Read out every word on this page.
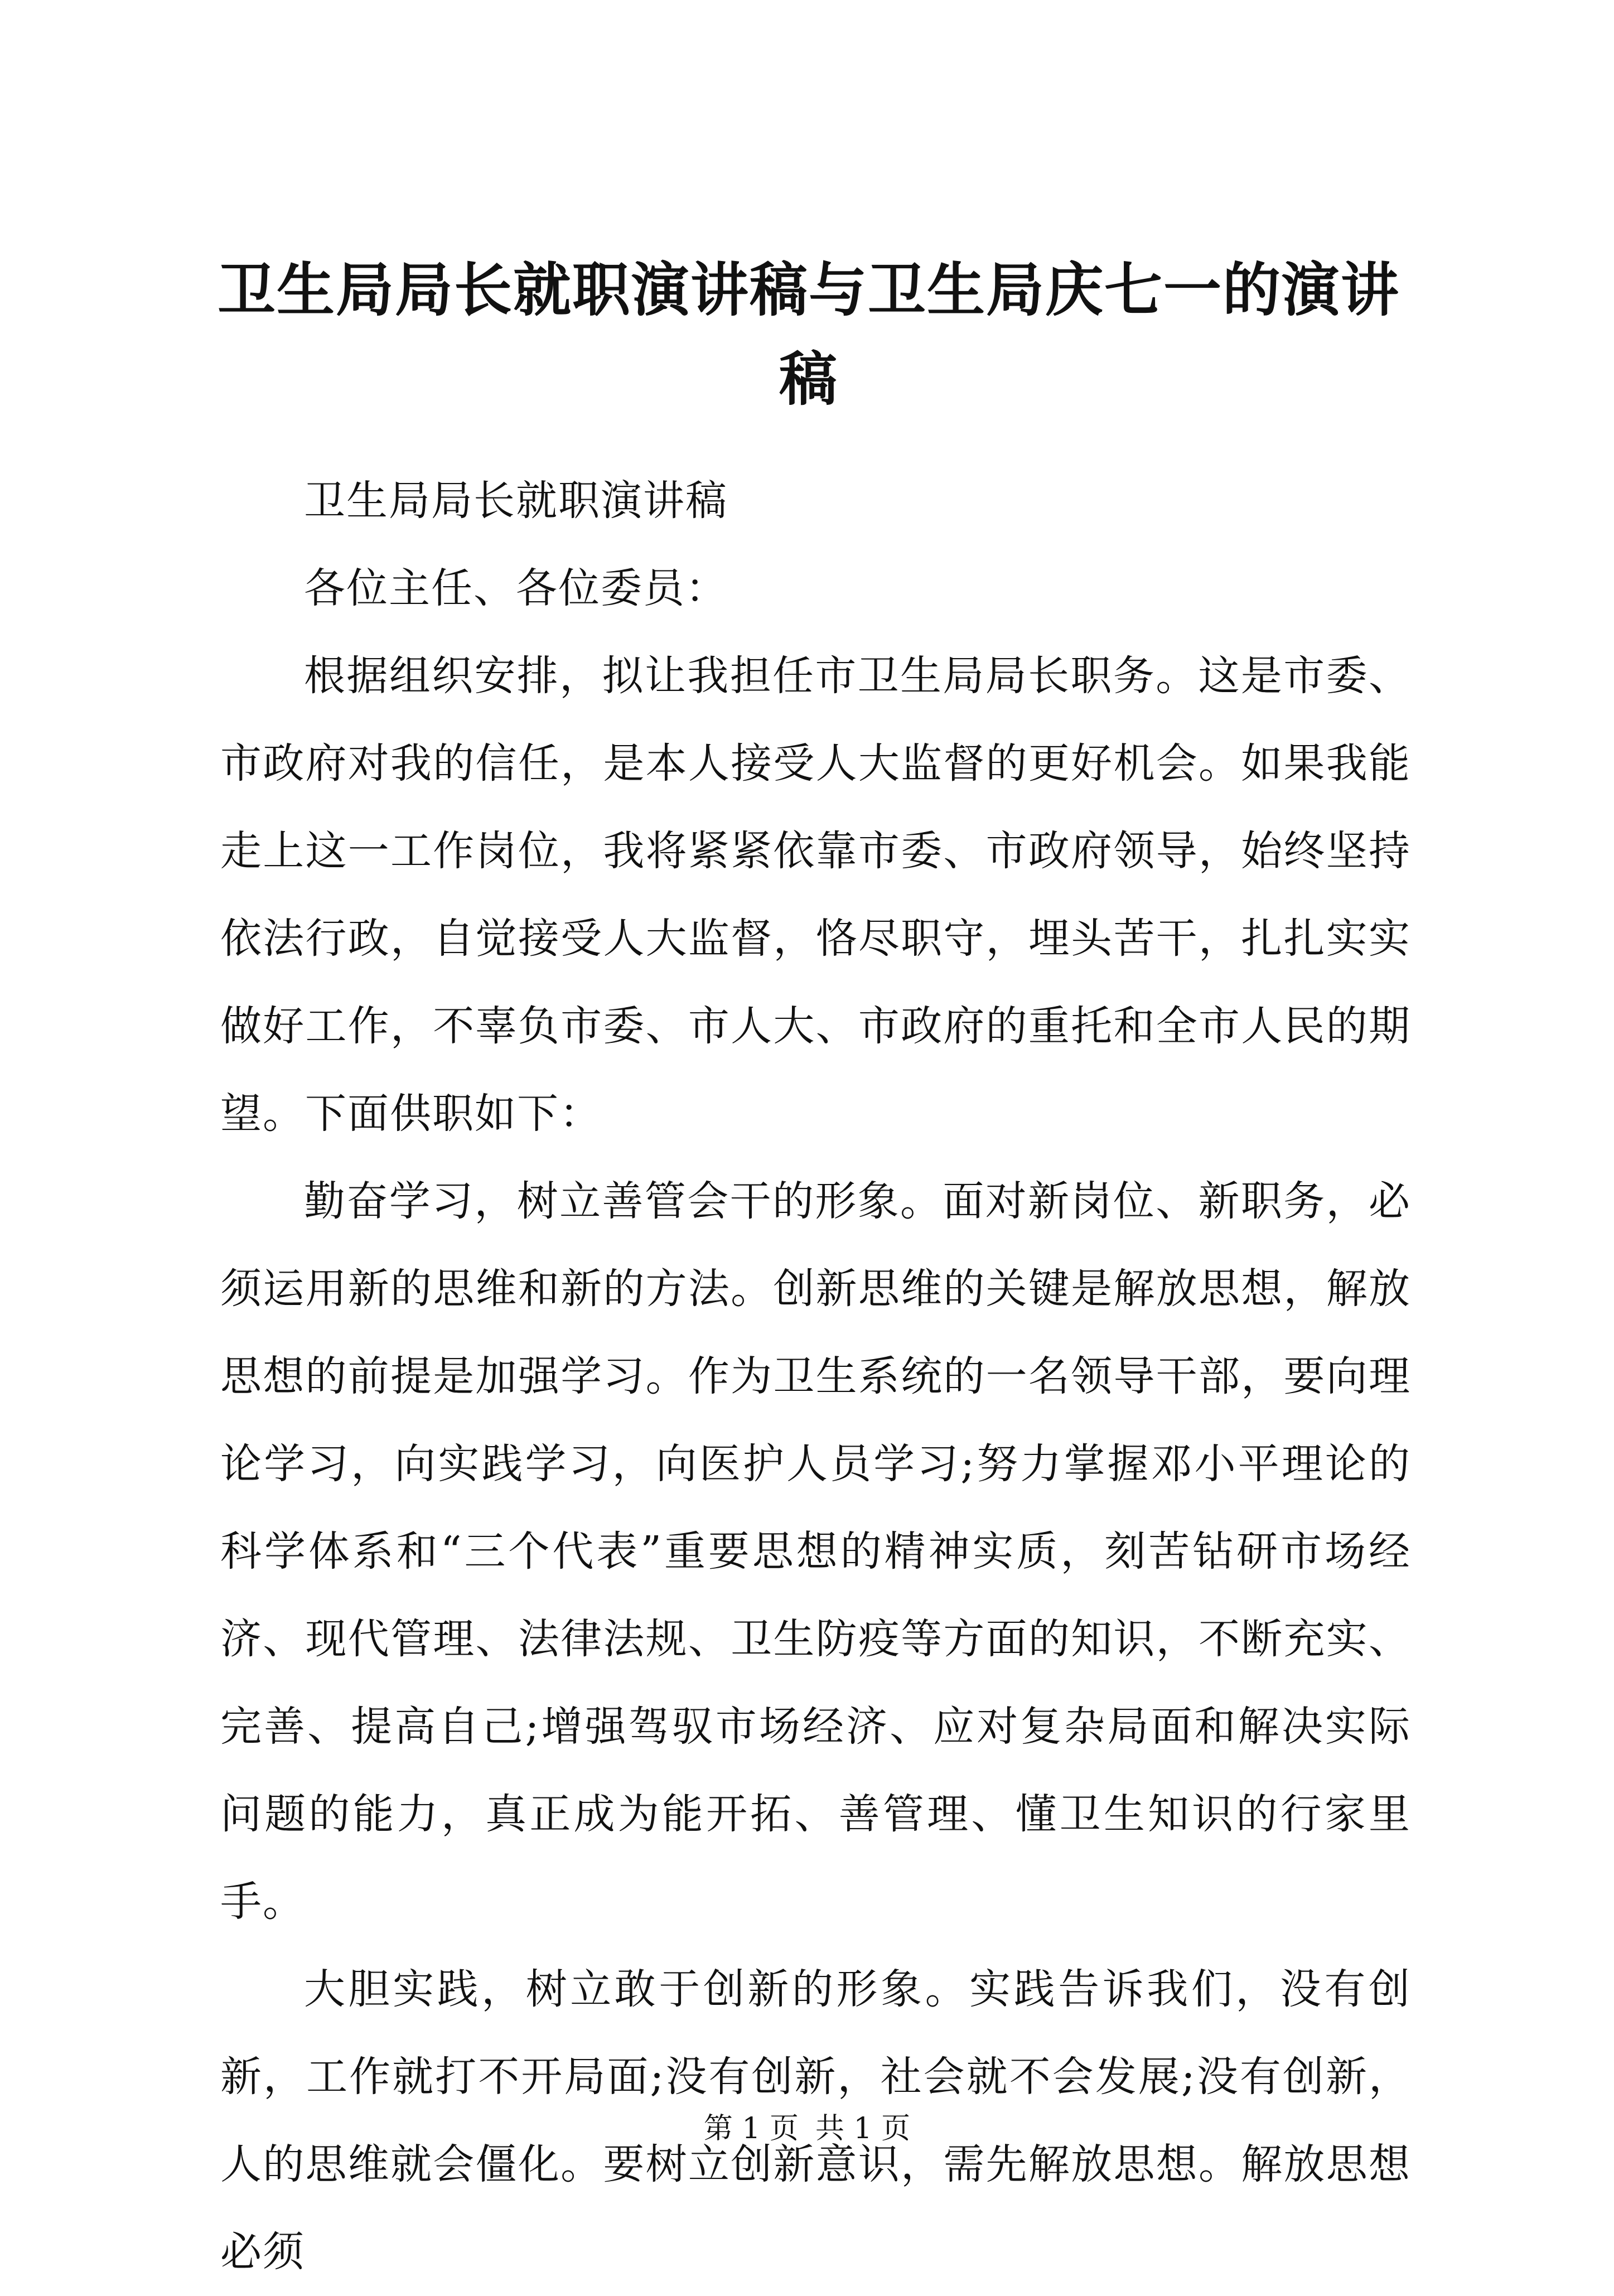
卫生局局长就职演讲稿与卫生局庆七一的演讲稿

卫生局局长就职演讲稿

各位主任、各位委员：

根据组织安排，拟让我担任市卫生局局长职务。这是市委、市政府对我的信任，是本人接受人大监督的更好机会。如果我能走上这一工作岗位，我将紧紧依靠市委、市政府领导，始终坚持依法行政，自觉接受人大监督，恪尽职守，埋头苦干，扎扎实实做好工作，不辜负市委、市人大、市政府的重托和全市人民的期望。下面供职如下：

勤奋学习，树立善管会干的形象。面对新岗位、新职务，必须运用新的思维和新的方法。创新思维的关键是解放思想，解放思想的前提是加强学习。作为卫生系统的一名领导干部，要向理论学习，向实践学习，向医护人员学习;努力掌握邓小平理论的科学体系和“三个代表”重要思想的精神实质，刻苦钻研市场经济、现代管理、法律法规、卫生防疫等方面的知识，不断充实、完善、提高自己;增强驾驭市场经济、应对复杂局面和解决实际问题的能力，真正成为能开拓、善管理、懂卫生知识的行家里手。

大胆实践，树立敢于创新的形象。实践告诉我们，没有创新，工作就打不开局面;没有创新，社会就不会发展;没有创新，人的思维就会僵化。要树立创新意识，需先解放思想。解放思想必须

第 1 页 共 1 页
